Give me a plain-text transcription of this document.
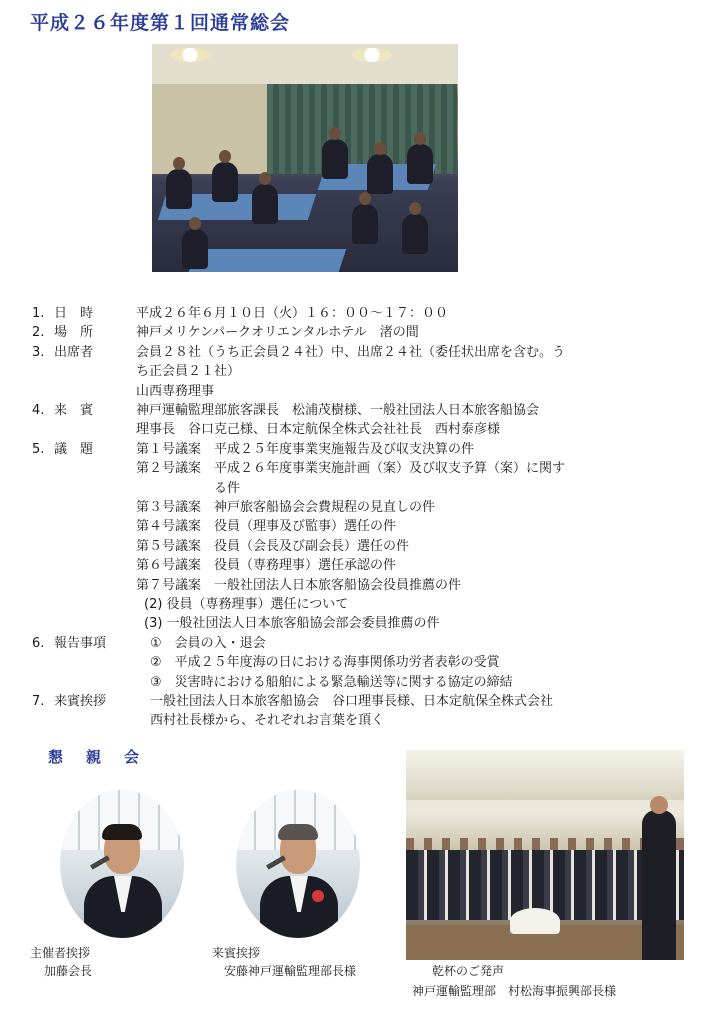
平成２６年度第１回通常総会
1. 日　時	平成２６年６月１０日（火）１６：００～１７：００
2. 場　所	神戸メリケンパークオリエンタルホテル　渚の間
3. 出席者	会員２８社（うち正会員２４社）中、出席２４社（委任状出席を含む。う
ち正会員２１社）
山西専務理事
4. 来　賓	神戸運輸監理部旅客課長　松浦茂樹様、一般社団法人日本旅客船協会
理事長　谷口克己様、日本定航保全株式会社社長　西村泰彦様
5. 議　題	第１号議案　平成２５年度事業実施報告及び収支決算の件
第２号議案　平成２６年度事業実施計画（案）及び収支予算（案）に関す
　　　　　　る件
第３号議案　神戸旅客船協会会費規程の見直しの件
第４号議案　役員（理事及び監事）選任の件
第５号議案　役員（会長及び副会長）選任の件
第６号議案　役員（専務理事）選任承認の件
第７号議案　一般社団法人日本旅客船協会役員推薦の件
(2) 役員（専務理事）選任について
(3) 一般社団法人日本旅客船協会部会委員推薦の件
6. 報告事項	①　会員の入・退会
②　平成２５年度海の日における海事関係功労者表彰の受賞
③　災害時における船舶による緊急輸送等に関する協定の締結
7. 来賓挨拶	一般社団法人日本旅客船協会　谷口理事長様、日本定航保全株式会社
西村社長様から、それぞれお言葉を頂く
懇　親　会
主催者挨拶
加藤会長
来賓挨拶
安藤神戸運輸監理部長様	乾杯のご発声
神戸運輸監理部　村松海事振興部長様
